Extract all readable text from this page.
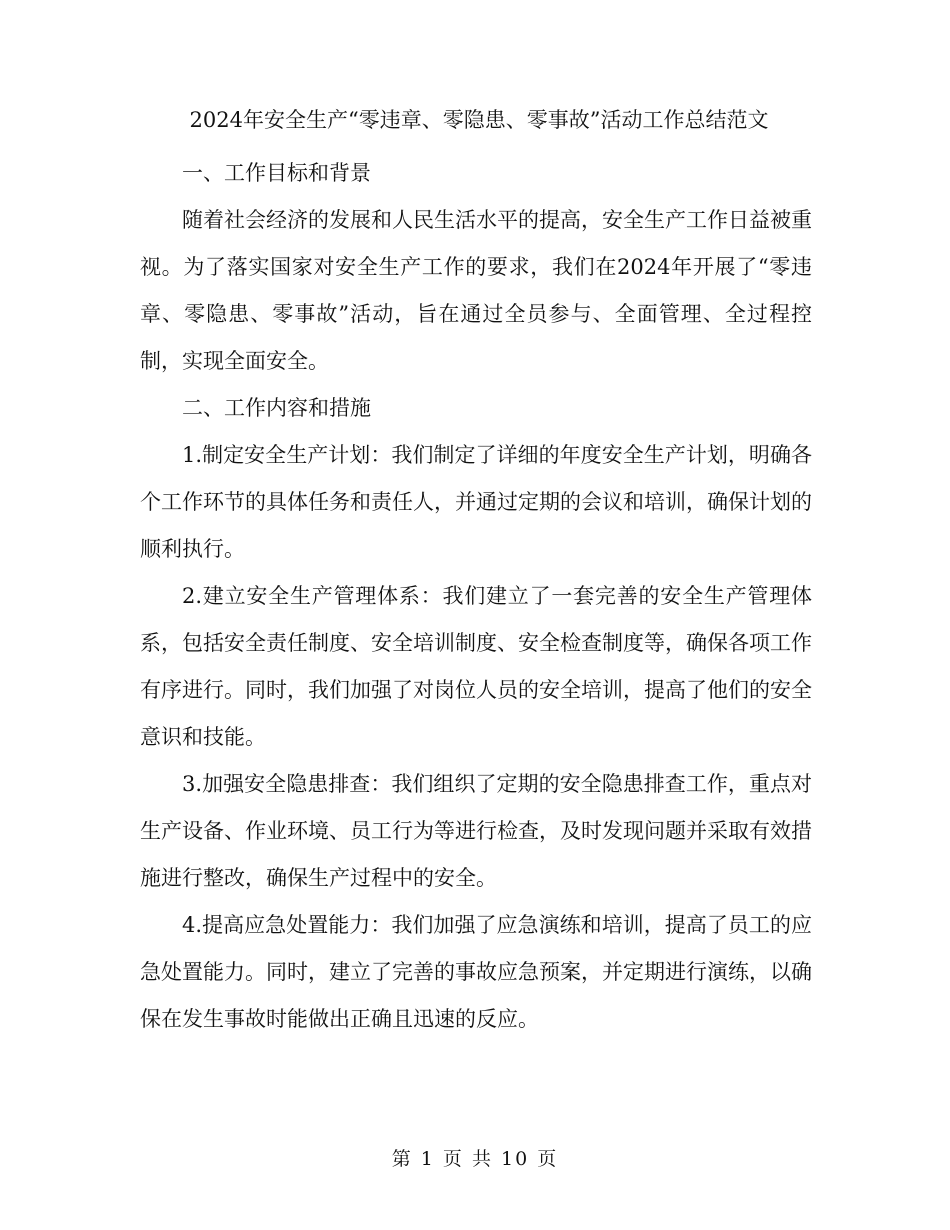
2024年安全生产“零违章、零隐患、零事故”活动工作总结范文
一、工作目标和背景

随着社会经济的发展和人民生活水平的提高，安全生产工作日益被重视。为了落实国家对安全生产工作的要求，我们在2024年开展了“零违章、零隐患、零事故”活动，旨在通过全员参与、全面管理、全过程控制，实现全面安全。

二、工作内容和措施

1.制定安全生产计划：我们制定了详细的年度安全生产计划，明确各个工作环节的具体任务和责任人，并通过定期的会议和培训，确保计划的顺利执行。

2.建立安全生产管理体系：我们建立了一套完善的安全生产管理体系，包括安全责任制度、安全培训制度、安全检查制度等，确保各项工作有序进行。同时，我们加强了对岗位人员的安全培训，提高了他们的安全意识和技能。

3.加强安全隐患排查：我们组织了定期的安全隐患排查工作，重点对生产设备、作业环境、员工行为等进行检查，及时发现问题并采取有效措施进行整改，确保生产过程中的安全。

4.提高应急处置能力：我们加强了应急演练和培训，提高了员工的应急处置能力。同时，建立了完善的事故应急预案，并定期进行演练，以确保在发生事故时能做出正确且迅速的反应。

第 1 页 共 10 页
